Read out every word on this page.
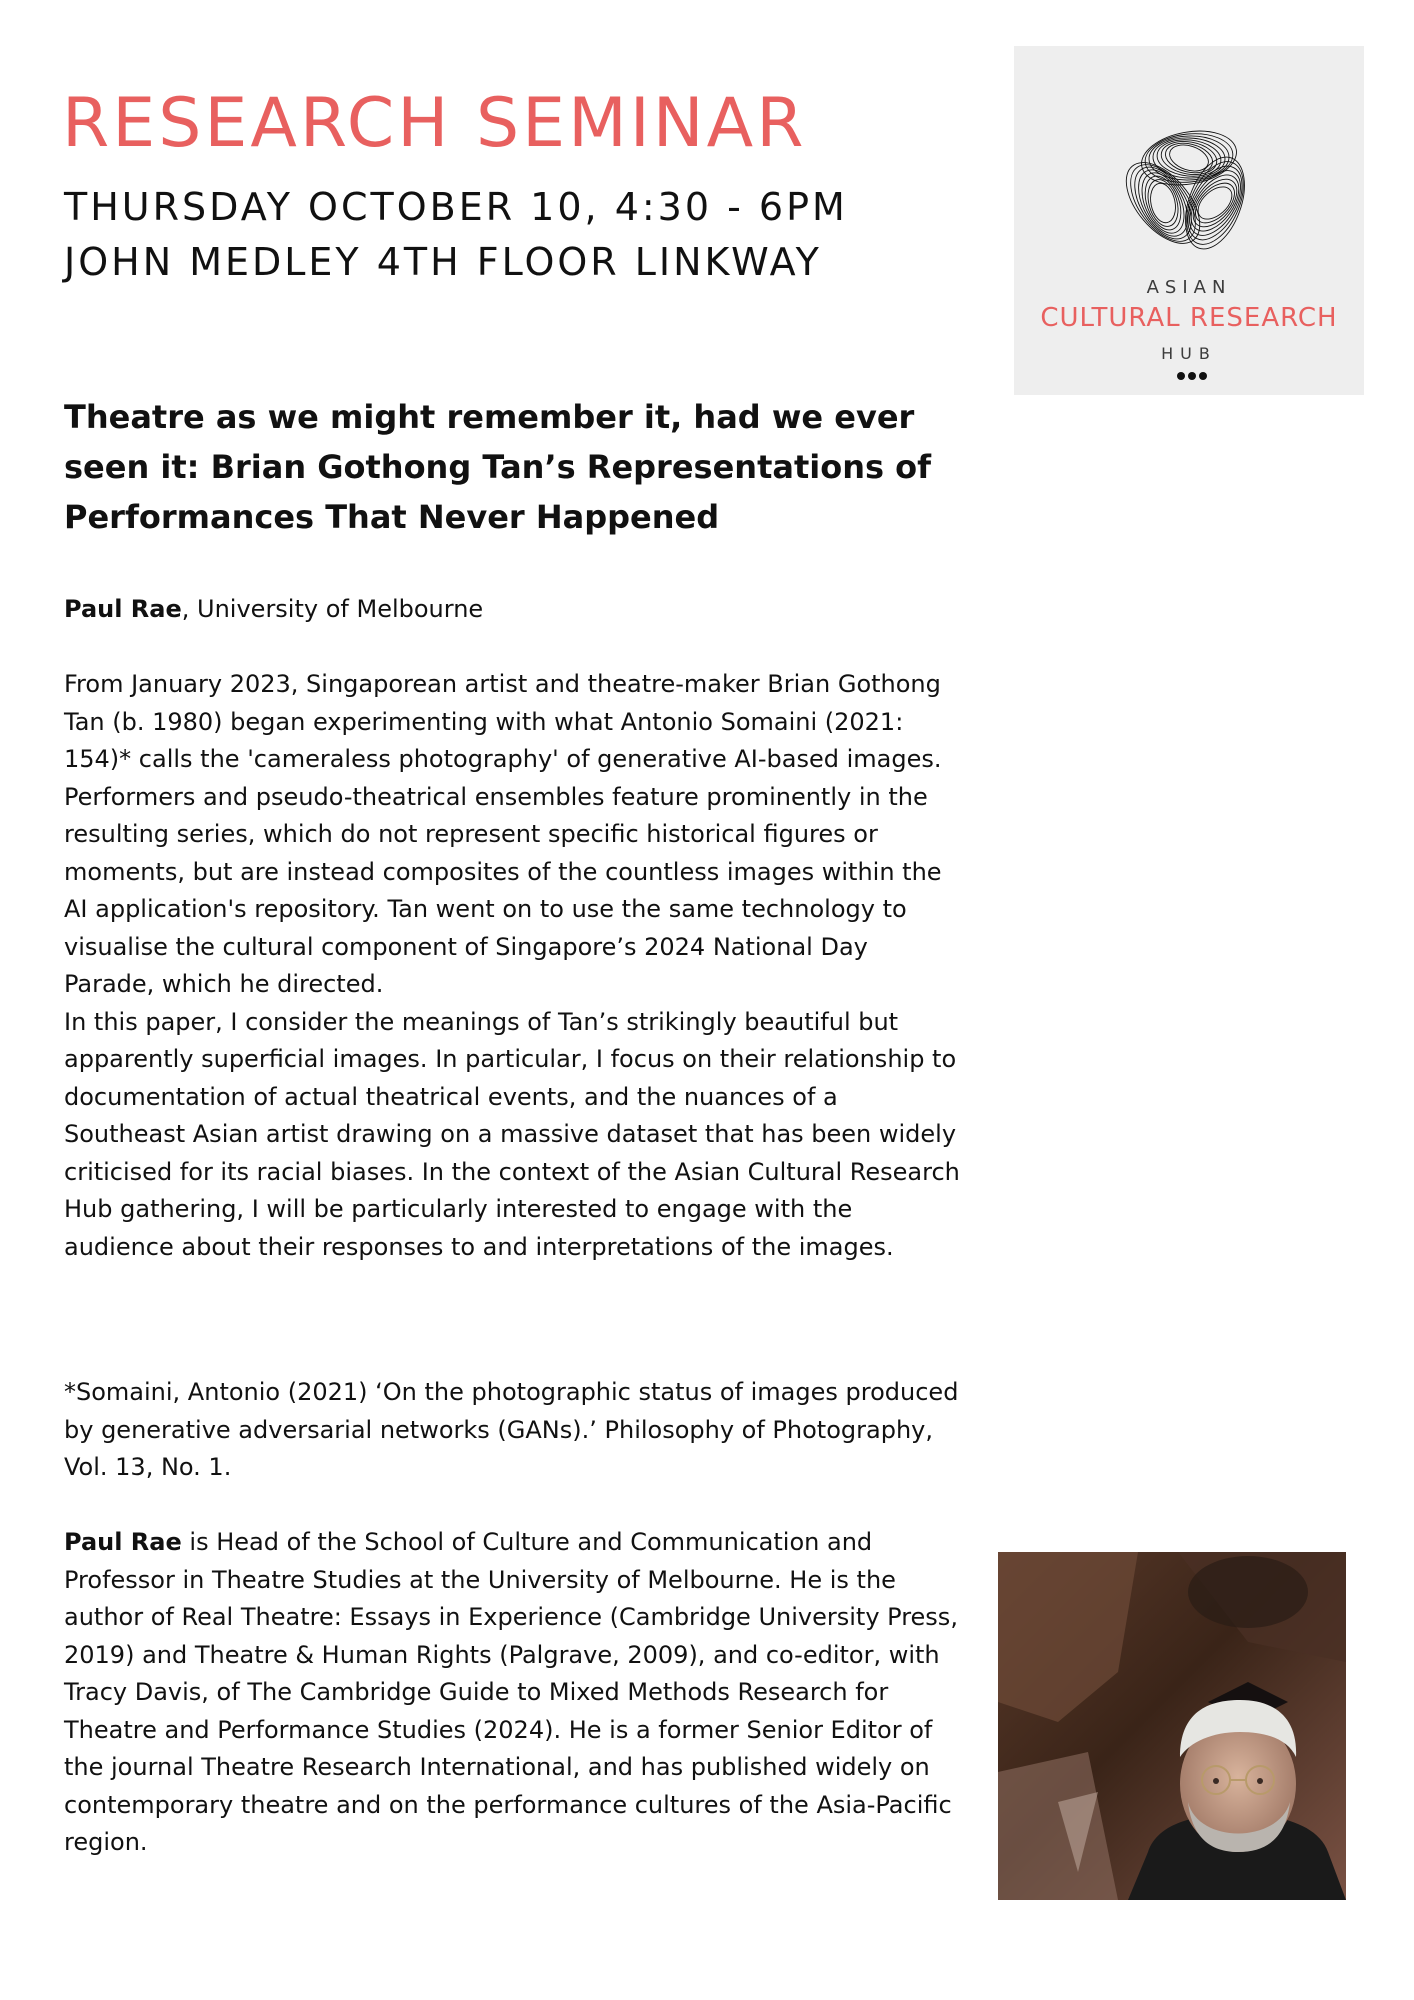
RESEARCH SEMINAR

THURSDAY OCTOBER 10, 4:30 - 6PM

JOHN MEDLEY 4TH FLOOR LINKWAY

ASIAN
CULTURAL RESEARCH
HUB
Theatre as we might remember it, had we ever seen it: Brian Gothong Tan’s Representations of Performances That Never Happened

Paul Rae, University of Melbourne

From January 2023, Singaporean artist and theatre-maker Brian Gothong Tan (b. 1980) began experimenting with what Antonio Somaini (2021: 154)* calls the 'cameraless photography' of generative AI-based images. Performers and pseudo-theatrical ensembles feature prominently in the resulting series, which do not represent specific historical figures or moments, but are instead composites of the countless images within the AI application's repository. Tan went on to use the same technology to visualise the cultural component of Singapore’s 2024 National Day Parade, which he directed.

In this paper, I consider the meanings of Tan’s strikingly beautiful but apparently superficial images. In particular, I focus on their relationship to documentation of actual theatrical events, and the nuances of a Southeast Asian artist drawing on a massive dataset that has been widely criticised for its racial biases. In the context of the Asian Cultural Research Hub gathering, I will be particularly interested to engage with the audience about their responses to and interpretations of the images.

*Somaini, Antonio (2021) ‘On the photographic status of images produced by generative adversarial networks (GANs).’ Philosophy of Photography, Vol. 13, No. 1.

Paul Rae is Head of the School of Culture and Communication and Professor in Theatre Studies at the University of Melbourne. He is the author of Real Theatre: Essays in Experience (Cambridge University Press, 2019) and Theatre & Human Rights (Palgrave, 2009), and co-editor, with Tracy Davis, of The Cambridge Guide to Mixed Methods Research for Theatre and Performance Studies (2024). He is a former Senior Editor of the journal Theatre Research International, and has published widely on contemporary theatre and on the performance cultures of the Asia-Pacific region.
